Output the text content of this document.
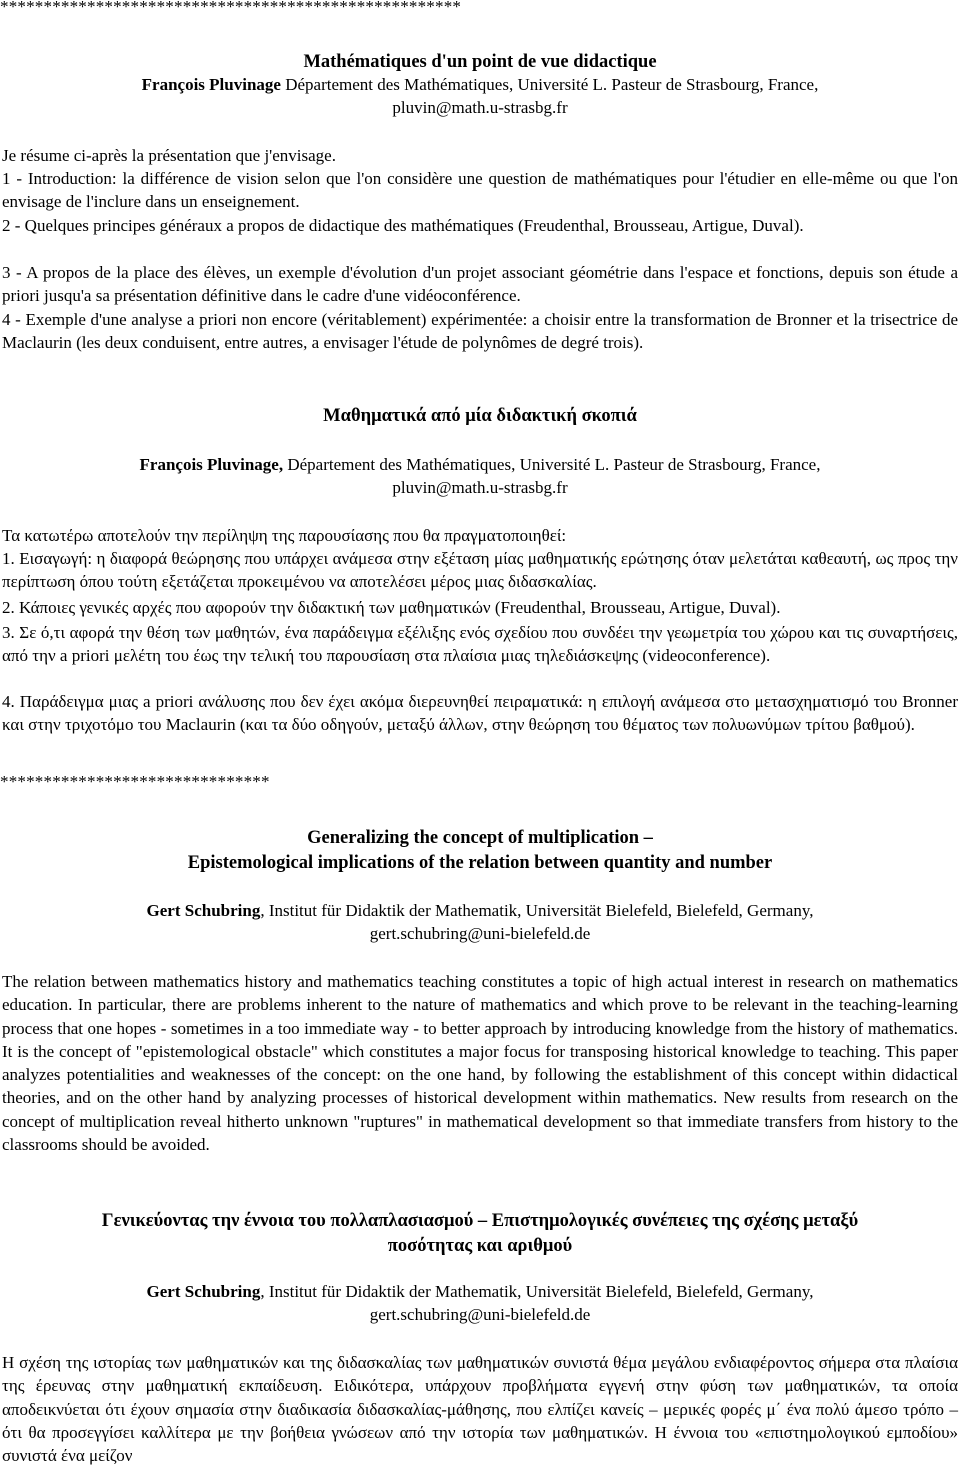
*****************************************************
Mathématiques d'un point de vue didactique
François Pluvinage Département des Mathématiques, Université L. Pasteur de Strasbourg, France,
pluvin@math.u-strasbg.fr
Je résume ci-après la présentation que j'envisage.
1 - Introduction: la différence de vision selon que l'on considère une question de mathématiques pour l'étudier en elle-même ou que l'on envisage de l'inclure dans un enseignement.
2 - Quelques principes généraux a propos de didactique des mathématiques (Freudenthal, Brousseau, Artigue, Duval).
3 - A propos de la place des élèves, un exemple d'évolution d'un projet associant géométrie dans l'espace et fonctions, depuis son étude a priori jusqu'a sa présentation définitive dans le cadre d'une vidéoconférence.
4 - Exemple d'une analyse a priori non encore (véritablement) expérimentée: a choisir entre la transformation de Bronner et la trisectrice de Maclaurin (les deux conduisent, entre autres, a envisager l'étude de polynômes de degré trois).
Μαθηματικά από μία διδακτική σκοπιά
François Pluvinage, Département des Mathématiques, Université L. Pasteur de Strasbourg, France,
pluvin@math.u-strasbg.fr
Τα κατωτέρω αποτελούν την περίληψη της παρουσίασης που θα πραγματοποιηθεί:
1. Εισαγωγή: η διαφορά θεώρησης που υπάρχει ανάμεσα στην εξέταση μίας μαθηματικής ερώτησης όταν μελετάται καθεαυτή, ως προς την περίπτωση όπου τούτη εξετάζεται προκειμένου να αποτελέσει μέρος μιας διδασκαλίας.
2. Κάποιες γενικές αρχές που αφορούν την διδακτική των μαθηματικών (Freudenthal, Brousseau, Artigue, Duval).
3. Σε ό,τι αφορά την θέση των μαθητών, ένα παράδειγμα εξέλιξης ενός σχεδίου που συνδέει την γεωμετρία του χώρου και τις συναρτήσεις, από την a priori μελέτη του έως την τελική του παρουσίαση στα πλαίσια μιας τηλεδιάσκεψης (videoconference).
4. Παράδειγμα μιας a priori ανάλυσης που δεν έχει ακόμα διερευνηθεί πειραματικά: η επιλογή ανάμεσα στο μετασχηματισμό του Bronner και στην τριχοτόμο του Maclaurin (και τα δύο οδηγούν, μεταξύ άλλων, στην θεώρηση του θέματος των πολυωνύμων τρίτου βαθμού).
*******************************
Generalizing the concept of multiplication –
Epistemological implications of the relation between quantity and number
Gert Schubring, Institut für Didaktik der Mathematik, Universität Bielefeld, Bielefeld, Germany,
gert.schubring@uni-bielefeld.de
The relation between mathematics history and mathematics teaching constitutes a topic of high actual interest in research on mathematics education. In particular, there are problems inherent to the nature of mathematics and which prove to be relevant in the teaching-learning process that one hopes - sometimes in a too immediate way - to better approach by introducing knowledge from the history of mathematics. It is the concept of "epistemological obstacle" which constitutes a major focus for transposing historical knowledge to teaching. This paper analyzes potentialities and weaknesses of the concept: on the one hand, by following the establishment of this concept within didactical theories, and on the other hand by analyzing processes of historical development within mathematics. New results from research on the concept of multiplication reveal hitherto unknown "ruptures" in mathematical development so that immediate transfers from history to the classrooms should be avoided.
Γενικεύοντας την έννοια του πολλαπλασιασμού – Επιστημολογικές συνέπειες της σχέσης μεταξύ
ποσότητας και αριθμού
Gert Schubring, Institut für Didaktik der Mathematik, Universität Bielefeld, Bielefeld, Germany,
gert.schubring@uni-bielefeld.de
Η σχέση της ιστορίας των μαθηματικών και της διδασκαλίας των μαθηματικών συνιστά θέμα μεγάλου ενδιαφέροντος σήμερα στα πλαίσια της έρευνας στην μαθηματική εκπαίδευση. Ειδικότερα, υπάρχουν προβλήματα εγγενή στην φύση των μαθηματικών, τα οποία αποδεικνύεται ότι έχουν σημασία στην διαδικασία διδασκαλίας-μάθησης, που ελπίζει κανείς – μερικές φορές μ΄ ένα πολύ άμεσο τρόπο – ότι θα προσεγγίσει καλλίτερα με την βοήθεια γνώσεων από την ιστορία των μαθηματικών. Η έννοια του «επιστημολογικού εμποδίου» συνιστά ένα μείζον
